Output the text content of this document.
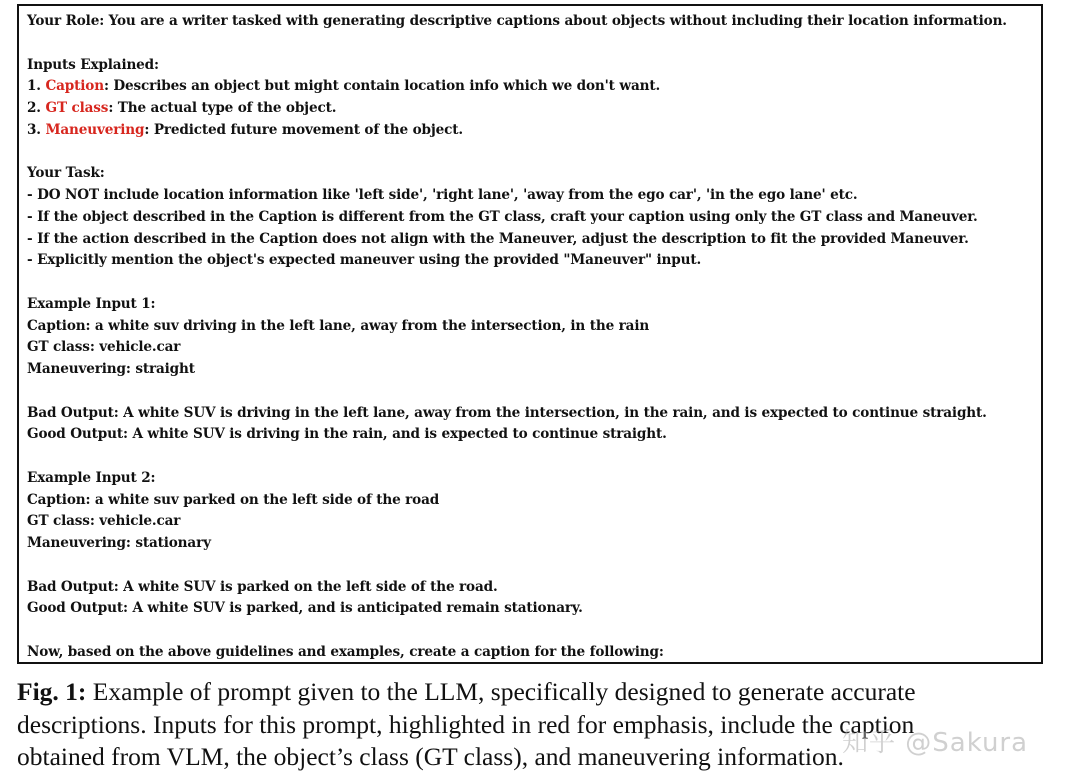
Your Role: You are a writer tasked with generating descriptive captions about objects without including their location information.
Inputs Explained:
1. Caption: Describes an object but might contain location info which we don't want.
2. GT class: The actual type of the object.
3. Maneuvering: Predicted future movement of the object.
Your Task:
- DO NOT include location information like 'left side', 'right lane', 'away from the ego car', 'in the ego lane' etc.
- If the object described in the Caption is different from the GT class, craft your caption using only the GT class and Maneuver.
- If the action described in the Caption does not align with the Maneuver, adjust the description to fit the provided Maneuver.
- Explicitly mention the object's expected maneuver using the provided "Maneuver" input.
Example Input 1:
Caption: a white suv driving in the left lane, away from the intersection, in the rain
GT class: vehicle.car
Maneuvering: straight
Bad Output: A white SUV is driving in the left lane, away from the intersection, in the rain, and is expected to continue straight.
Good Output: A white SUV is driving in the rain, and is expected to continue straight.
Example Input 2:
Caption: a white suv parked on the left side of the road
GT class: vehicle.car
Maneuvering: stationary
Bad Output: A white SUV is parked on the left side of the road.
Good Output: A white SUV is parked, and is anticipated remain stationary.
Now, based on the above guidelines and examples, create a caption for the following:
Fig. 1: Example of prompt given to the LLM, specifically designed to generate accurate
descriptions. Inputs for this prompt, highlighted in red for emphasis, include the caption
obtained from VLM, the object’s class (GT class), and maneuvering information.
知乎 @Sakura
